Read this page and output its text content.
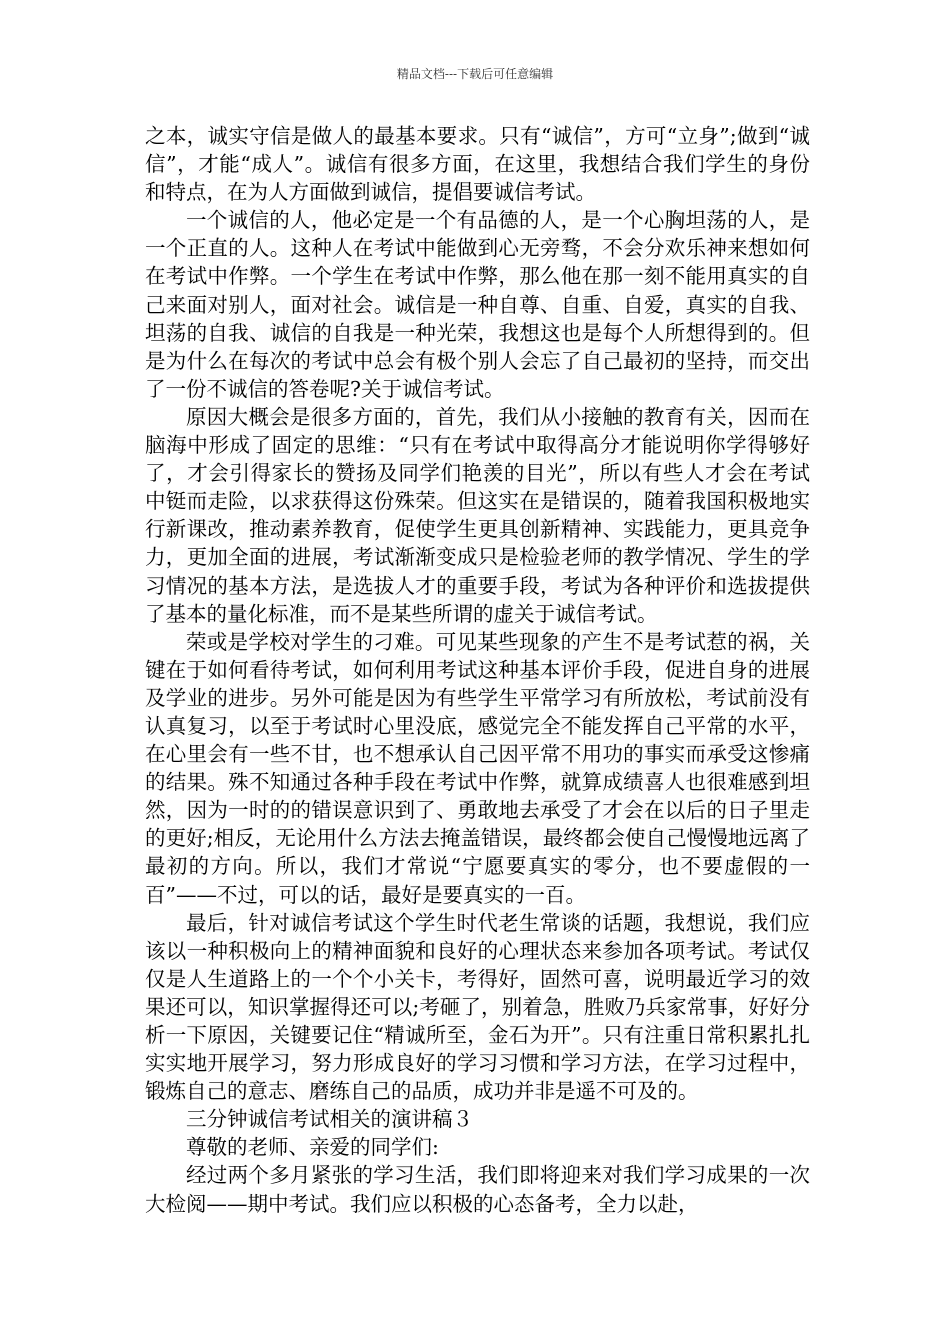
精品文档---下载后可任意编辑

之本，诚实守信是做人的最基本要求。只有“诚信”，方可“立身”;做到“诚信”，才能“成人”。诚信有很多方面，在这里，我想结合我们学生的身份和特点，在为人方面做到诚信，提倡要诚信考试。

一个诚信的人，他必定是一个有品德的人，是一个心胸坦荡的人，是一个正直的人。这种人在考试中能做到心无旁骛，不会分欢乐神来想如何在考试中作弊。一个学生在考试中作弊，那么他在那一刻不能用真实的自己来面对别人，面对社会。诚信是一种自尊、自重、自爱，真实的自我、坦荡的自我、诚信的自我是一种光荣，我想这也是每个人所想得到的。但是为什么在每次的考试中总会有极个别人会忘了自己最初的坚持，而交出了一份不诚信的答卷呢?关于诚信考试。

原因大概会是很多方面的，首先，我们从小接触的教育有关，因而在脑海中形成了固定的思维：“只有在考试中取得高分才能说明你学得够好了，才会引得家长的赞扬及同学们艳羡的目光”，所以有些人才会在考试中铤而走险，以求获得这份殊荣。但这实在是错误的，随着我国积极地实行新课改，推动素养教育，促使学生更具创新精神、实践能力，更具竞争力，更加全面的进展，考试渐渐变成只是检验老师的教学情况、学生的学习情况的基本方法，是选拔人才的重要手段，考试为各种评价和选拔提供了基本的量化标准，而不是某些所谓的虚关于诚信考试。

荣或是学校对学生的刁难。可见某些现象的产生不是考试惹的祸，关键在于如何看待考试，如何利用考试这种基本评价手段，促进自身的进展及学业的进步。另外可能是因为有些学生平常学习有所放松，考试前没有认真复习，以至于考试时心里没底，感觉完全不能发挥自己平常的水平，在心里会有一些不甘，也不想承认自己因平常不用功的事实而承受这惨痛的结果。殊不知通过各种手段在考试中作弊，就算成绩喜人也很难感到坦然，因为一时的的错误意识到了、勇敢地去承受了才会在以后的日子里走的更好;相反，无论用什么方法去掩盖错误，最终都会使自己慢慢地远离了最初的方向。所以，我们才常说“宁愿要真实的零分，也不要虚假的一百”——不过，可以的话，最好是要真实的一百。

最后，针对诚信考试这个学生时代老生常谈的话题，我想说，我们应该以一种积极向上的精神面貌和良好的心理状态来参加各项考试。考试仅仅是人生道路上的一个个小关卡，考得好，固然可喜，说明最近学习的效果还可以，知识掌握得还可以;考砸了，别着急，胜败乃兵家常事，好好分析一下原因，关键要记住“精诚所至，金石为开”。只有注重日常积累扎扎实实地开展学习，努力形成良好的学习习惯和学习方法，在学习过程中，锻炼自己的意志、磨练自己的品质，成功并非是遥不可及的。

三分钟诚信考试相关的演讲稿３

尊敬的老师、亲爱的同学们:

经过两个多月紧张的学习生活，我们即将迎来对我们学习成果的一次大检阅——期中考试。我们应以积极的心态备考，全力以赴，
